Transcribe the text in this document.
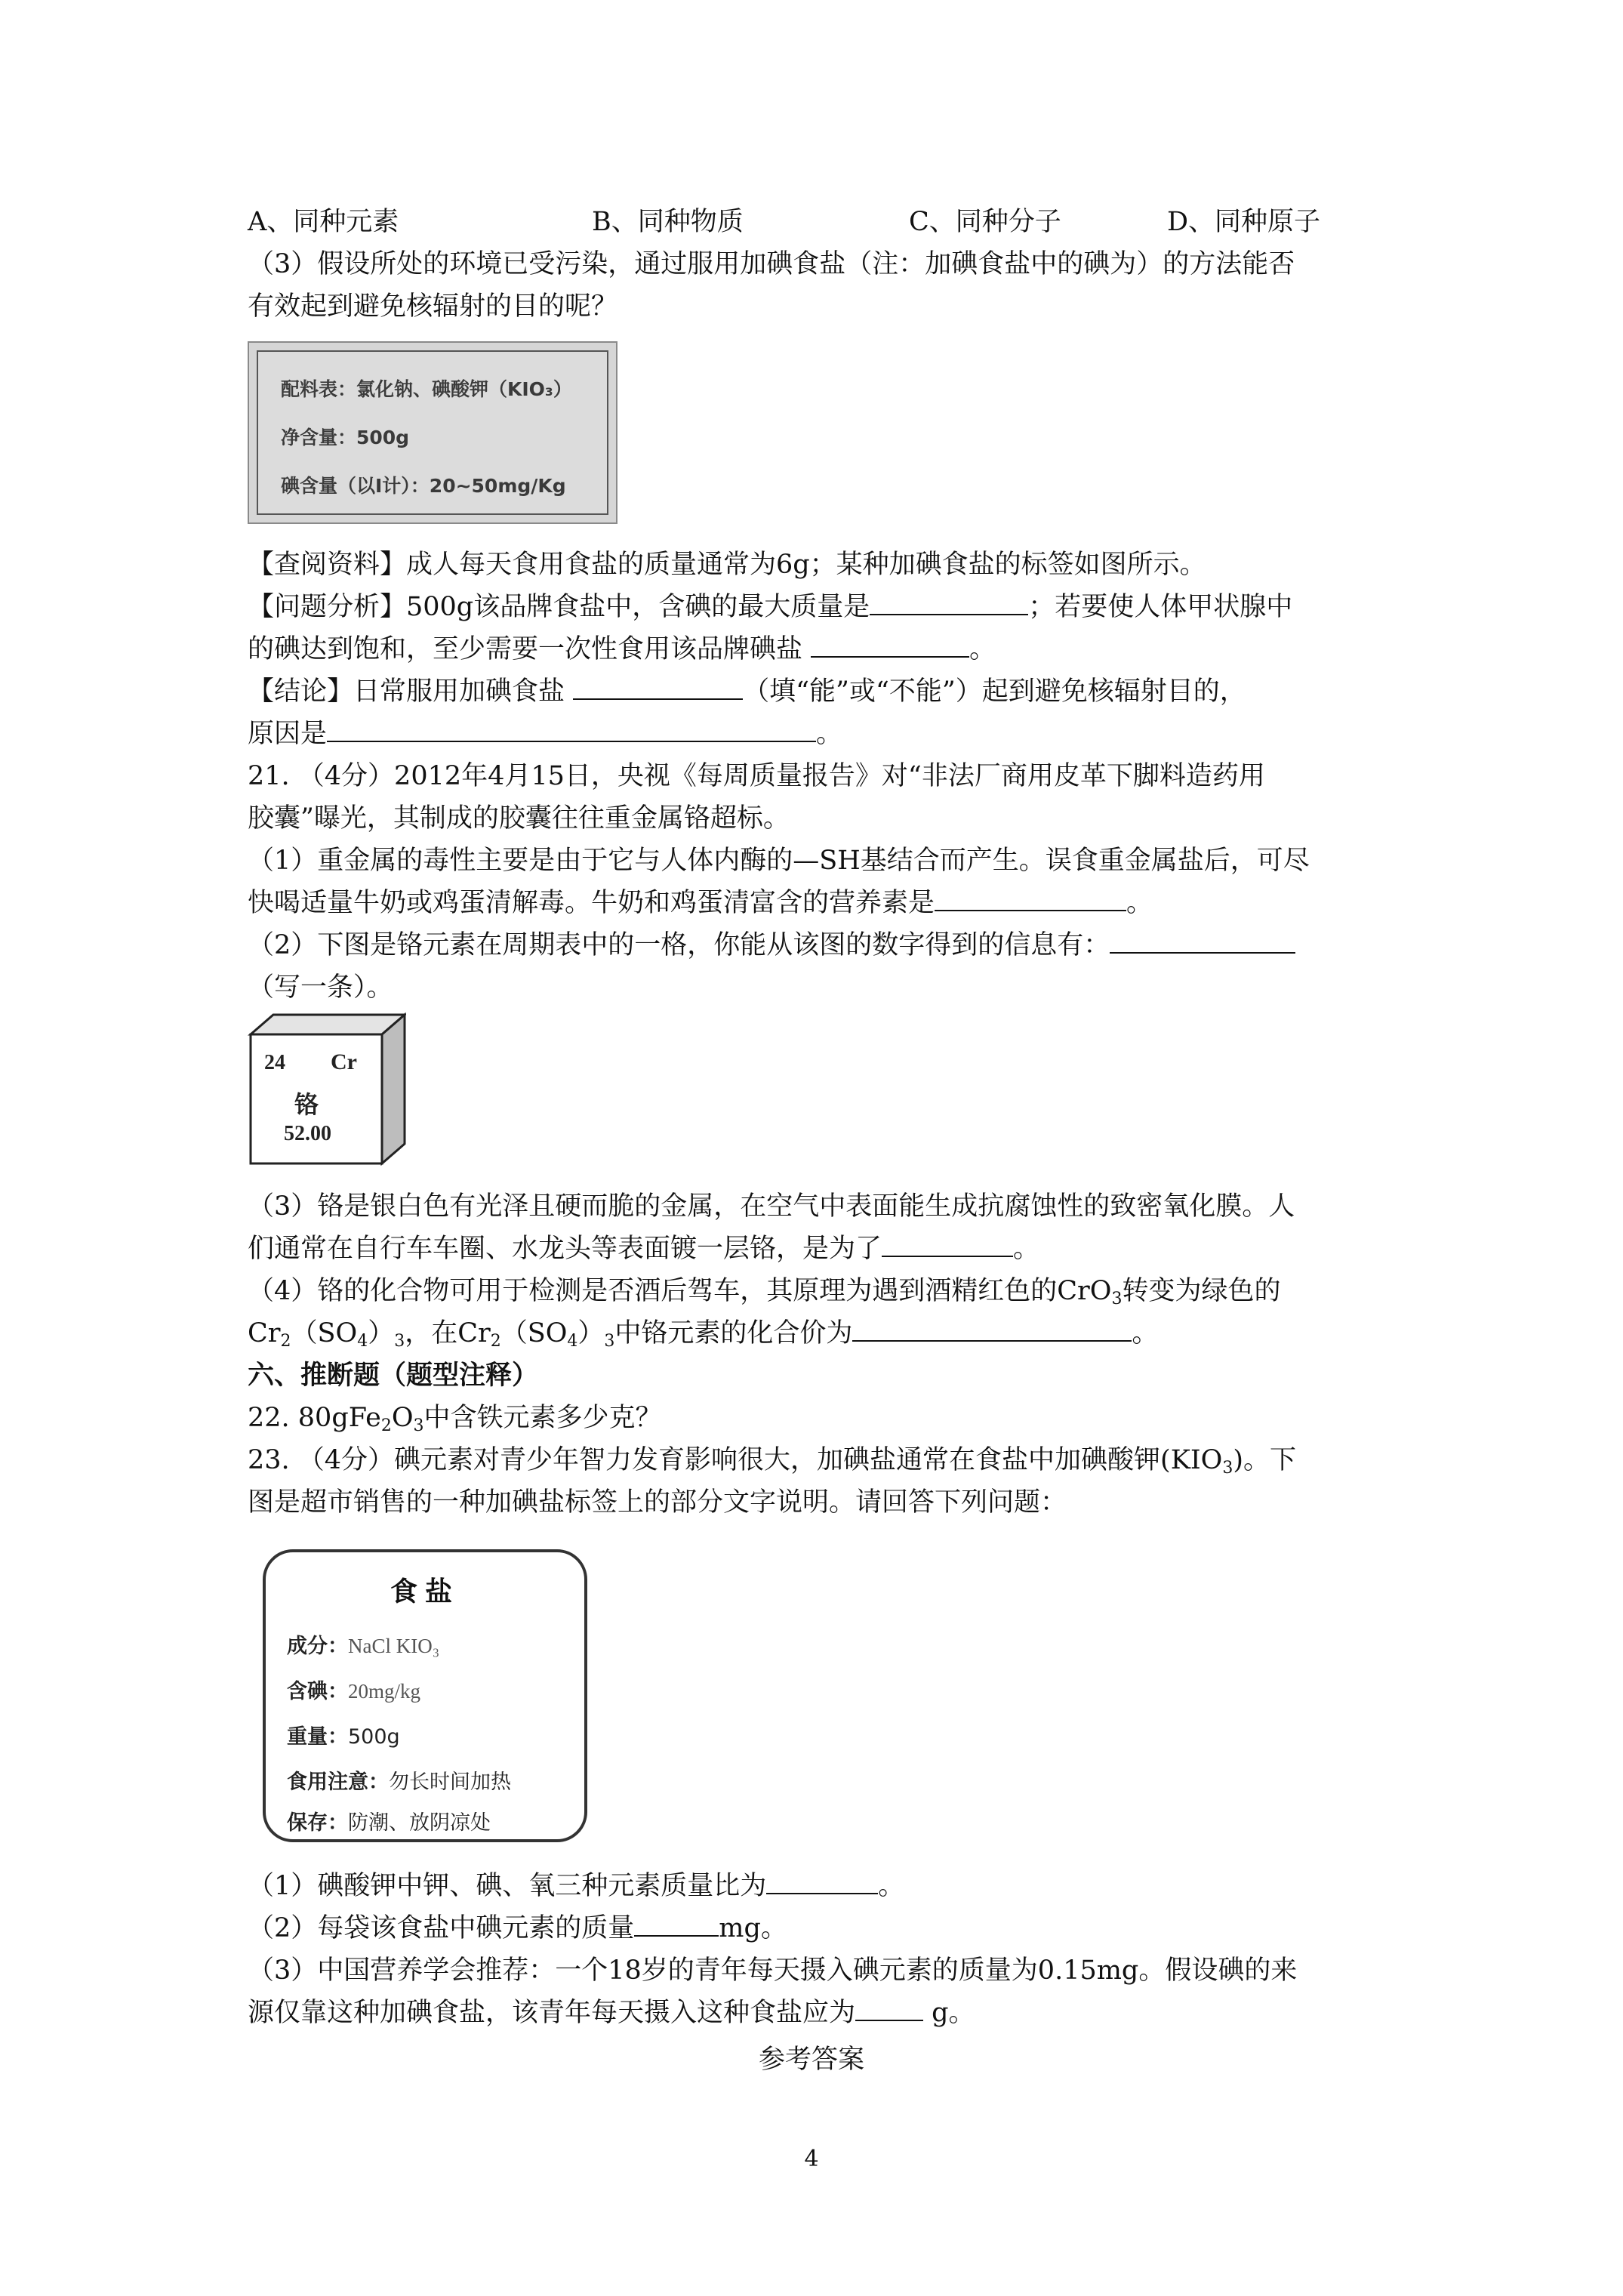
A、同种元素	B、同种物质	C、同种分子	D、同种原子
（3）假设所处的环境已受污染，通过服用加碘食盐（注：加碘食盐中的碘为）的方法能否
有效起到避免核辐射的目的呢？
配料表：氯化钠、碘酸钾（KIO₃）
净含量：500g
碘含量（以I计）：20~50mg/Kg
【查阅资料】成人每天食用食盐的质量通常为6g；某种加碘食盐的标签如图所示。
【问题分析】500g该品牌食盐中，含碘的最大质量是	；若要使人体甲状腺中
的碘达到饱和，至少需要一次性食用该品牌碘盐	。
【结论】日常服用加碘食盐	（填“能”或“不能”）起到避免核辐射目的，
原因是	。
21. （4分）2012年4月15日，央视《每周质量报告》对“非法厂商用皮革下脚料造药用
胶囊”曝光，其制成的胶囊往往重金属铬超标。
（1）重金属的毒性主要是由于它与人体内酶的—SH基结合而产生。误食重金属盐后，可尽
快喝适量牛奶或鸡蛋清解毒。牛奶和鸡蛋清富含的营养素是	。
（2）下图是铬元素在周期表中的一格，你能从该图的数字得到的信息有：
（写一条）。
24 Cr
铬
52.00
（3）铬是银白色有光泽且硬而脆的金属，在空气中表面能生成抗腐蚀性的致密氧化膜。人
们通常在自行车车圈、水龙头等表面镀一层铬，是为了	。
（4）铬的化合物可用于检测是否酒后驾车，其原理为遇到酒精红色的CrO$_3$转变为绿色的
$Cr_2(SO_4)_3$，在$Cr_2(SO_4)_3$中铬元素的化合价为	。
六、推断题（题型注释）
22. $80gFe_2O_3$中含铁元素多少克？
23. （4分）碘元素对青少年智力发育影响很大，加碘盐通常在食盐中加碘酸钾$(KIO_3)$。下
图是超市销售的一种加碘盐标签上的部分文字说明。请回答下列问题：
食盐
成分：NaCl KIO₃
含碘：20mg/kg
重量：500g
食用注意：勿长时间加热
保存：防潮、放阴凉处
（1）碘酸钾中钾、碘、氧三种元素质量比为	。
（2）每袋该食盐中碘元素的质量	mg。
（3）中国营养学会推荐：一个18岁的青年每天摄入碘元素的质量为0.15mg。假设碘的来
源仅靠这种加碘食盐，该青年每天摄入这种食盐应为	g。
参考答案
4
